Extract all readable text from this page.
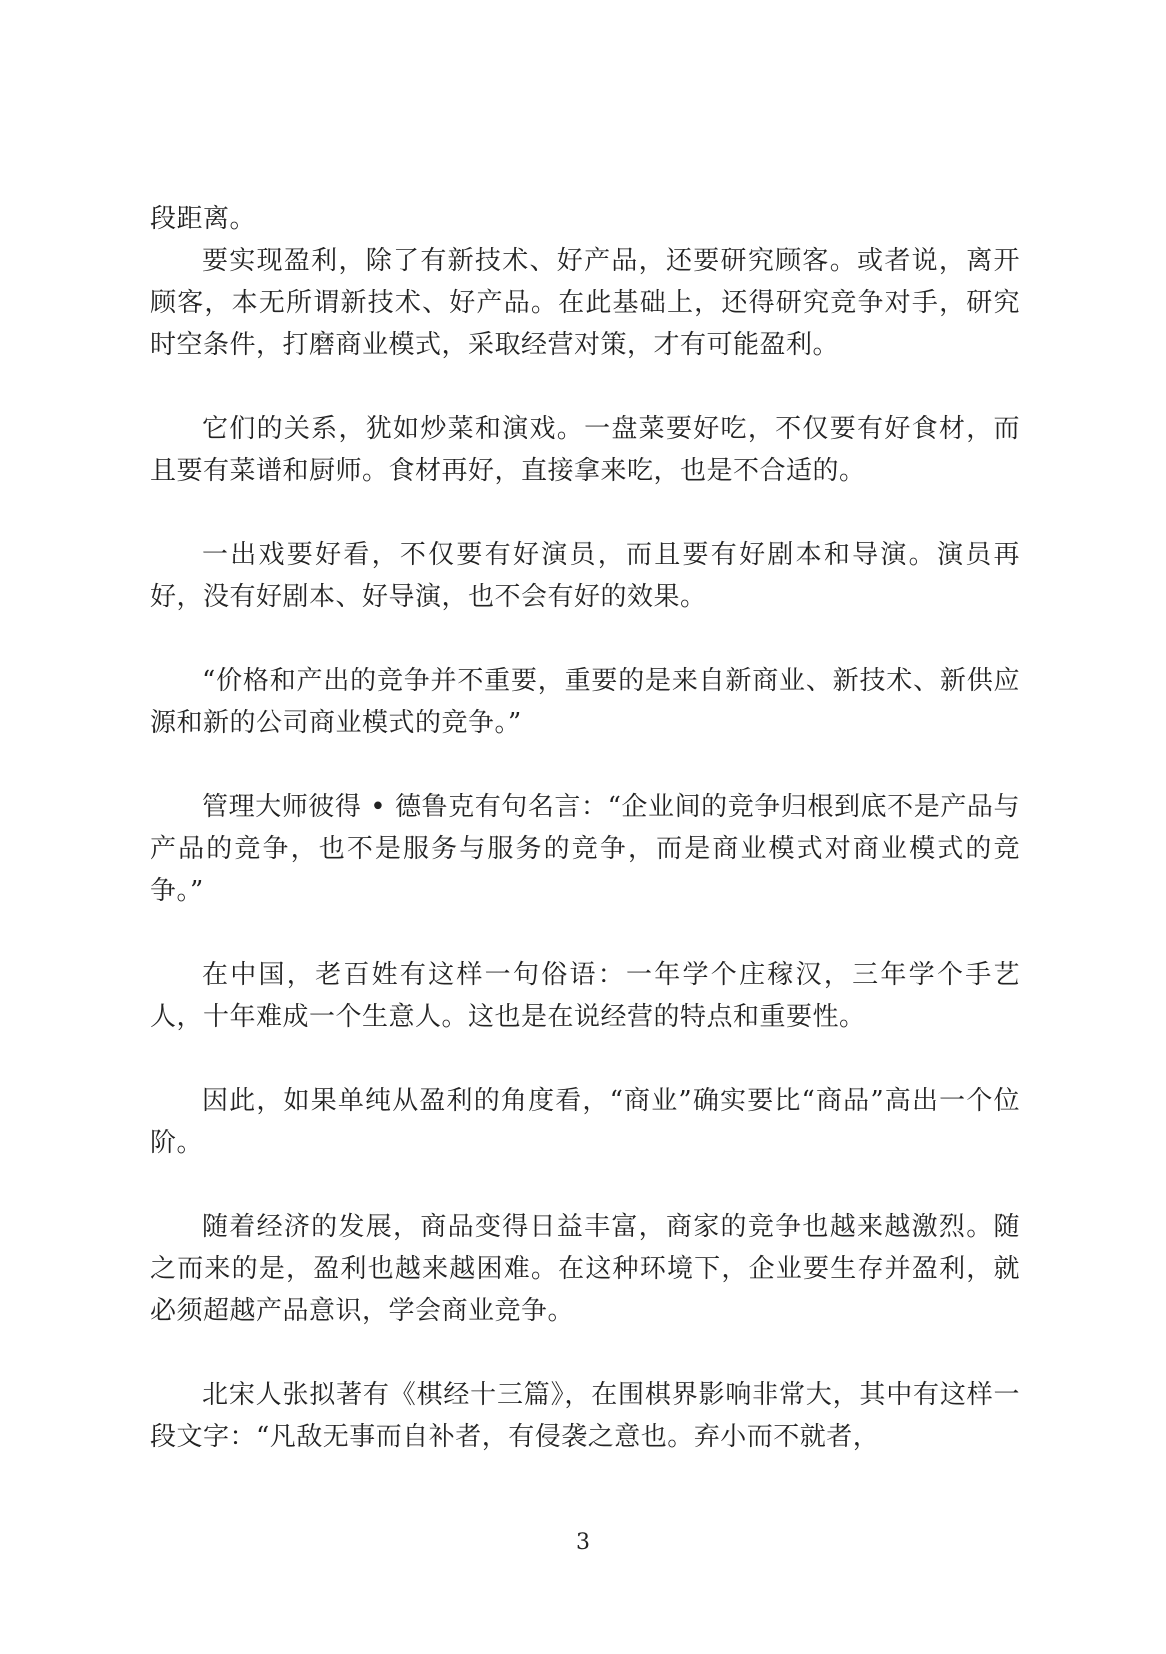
段距离。

要实现盈利，除了有新技术、好产品，还要研究顾客。或者说，离开顾客，本无所谓新技术、好产品。在此基础上，还得研究竞争对手，研究时空条件，打磨商业模式，采取经营对策，才有可能盈利。

它们的关系，犹如炒菜和演戏。一盘菜要好吃，不仅要有好食材，而且要有菜谱和厨师。食材再好，直接拿来吃，也是不合适的。

一出戏要好看，不仅要有好演员，而且要有好剧本和导演。演员再好，没有好剧本、好导演，也不会有好的效果。

“价格和产出的竞争并不重要，重要的是来自新商业、新技术、新供应源和新的公司商业模式的竞争。”

管理大师彼得 • 德鲁克有句名言：“企业间的竞争归根到底不是产品与产品的竞争，也不是服务与服务的竞争，而是商业模式对商业模式的竞争。”

在中国，老百姓有这样一句俗语：一年学个庄稼汉，三年学个手艺人，十年难成一个生意人。这也是在说经营的特点和重要性。

因此，如果单纯从盈利的角度看，“商业”确实要比“商品”高出一个位阶。

随着经济的发展，商品变得日益丰富，商家的竞争也越来越激烈。随之而来的是，盈利也越来越困难。在这种环境下，企业要生存并盈利，就必须超越产品意识，学会商业竞争。

北宋人张拟著有《棋经十三篇》，在围棋界影响非常大，其中有这样一段文字：“凡敌无事而自补者，有侵袭之意也。弃小而不就者，

3
